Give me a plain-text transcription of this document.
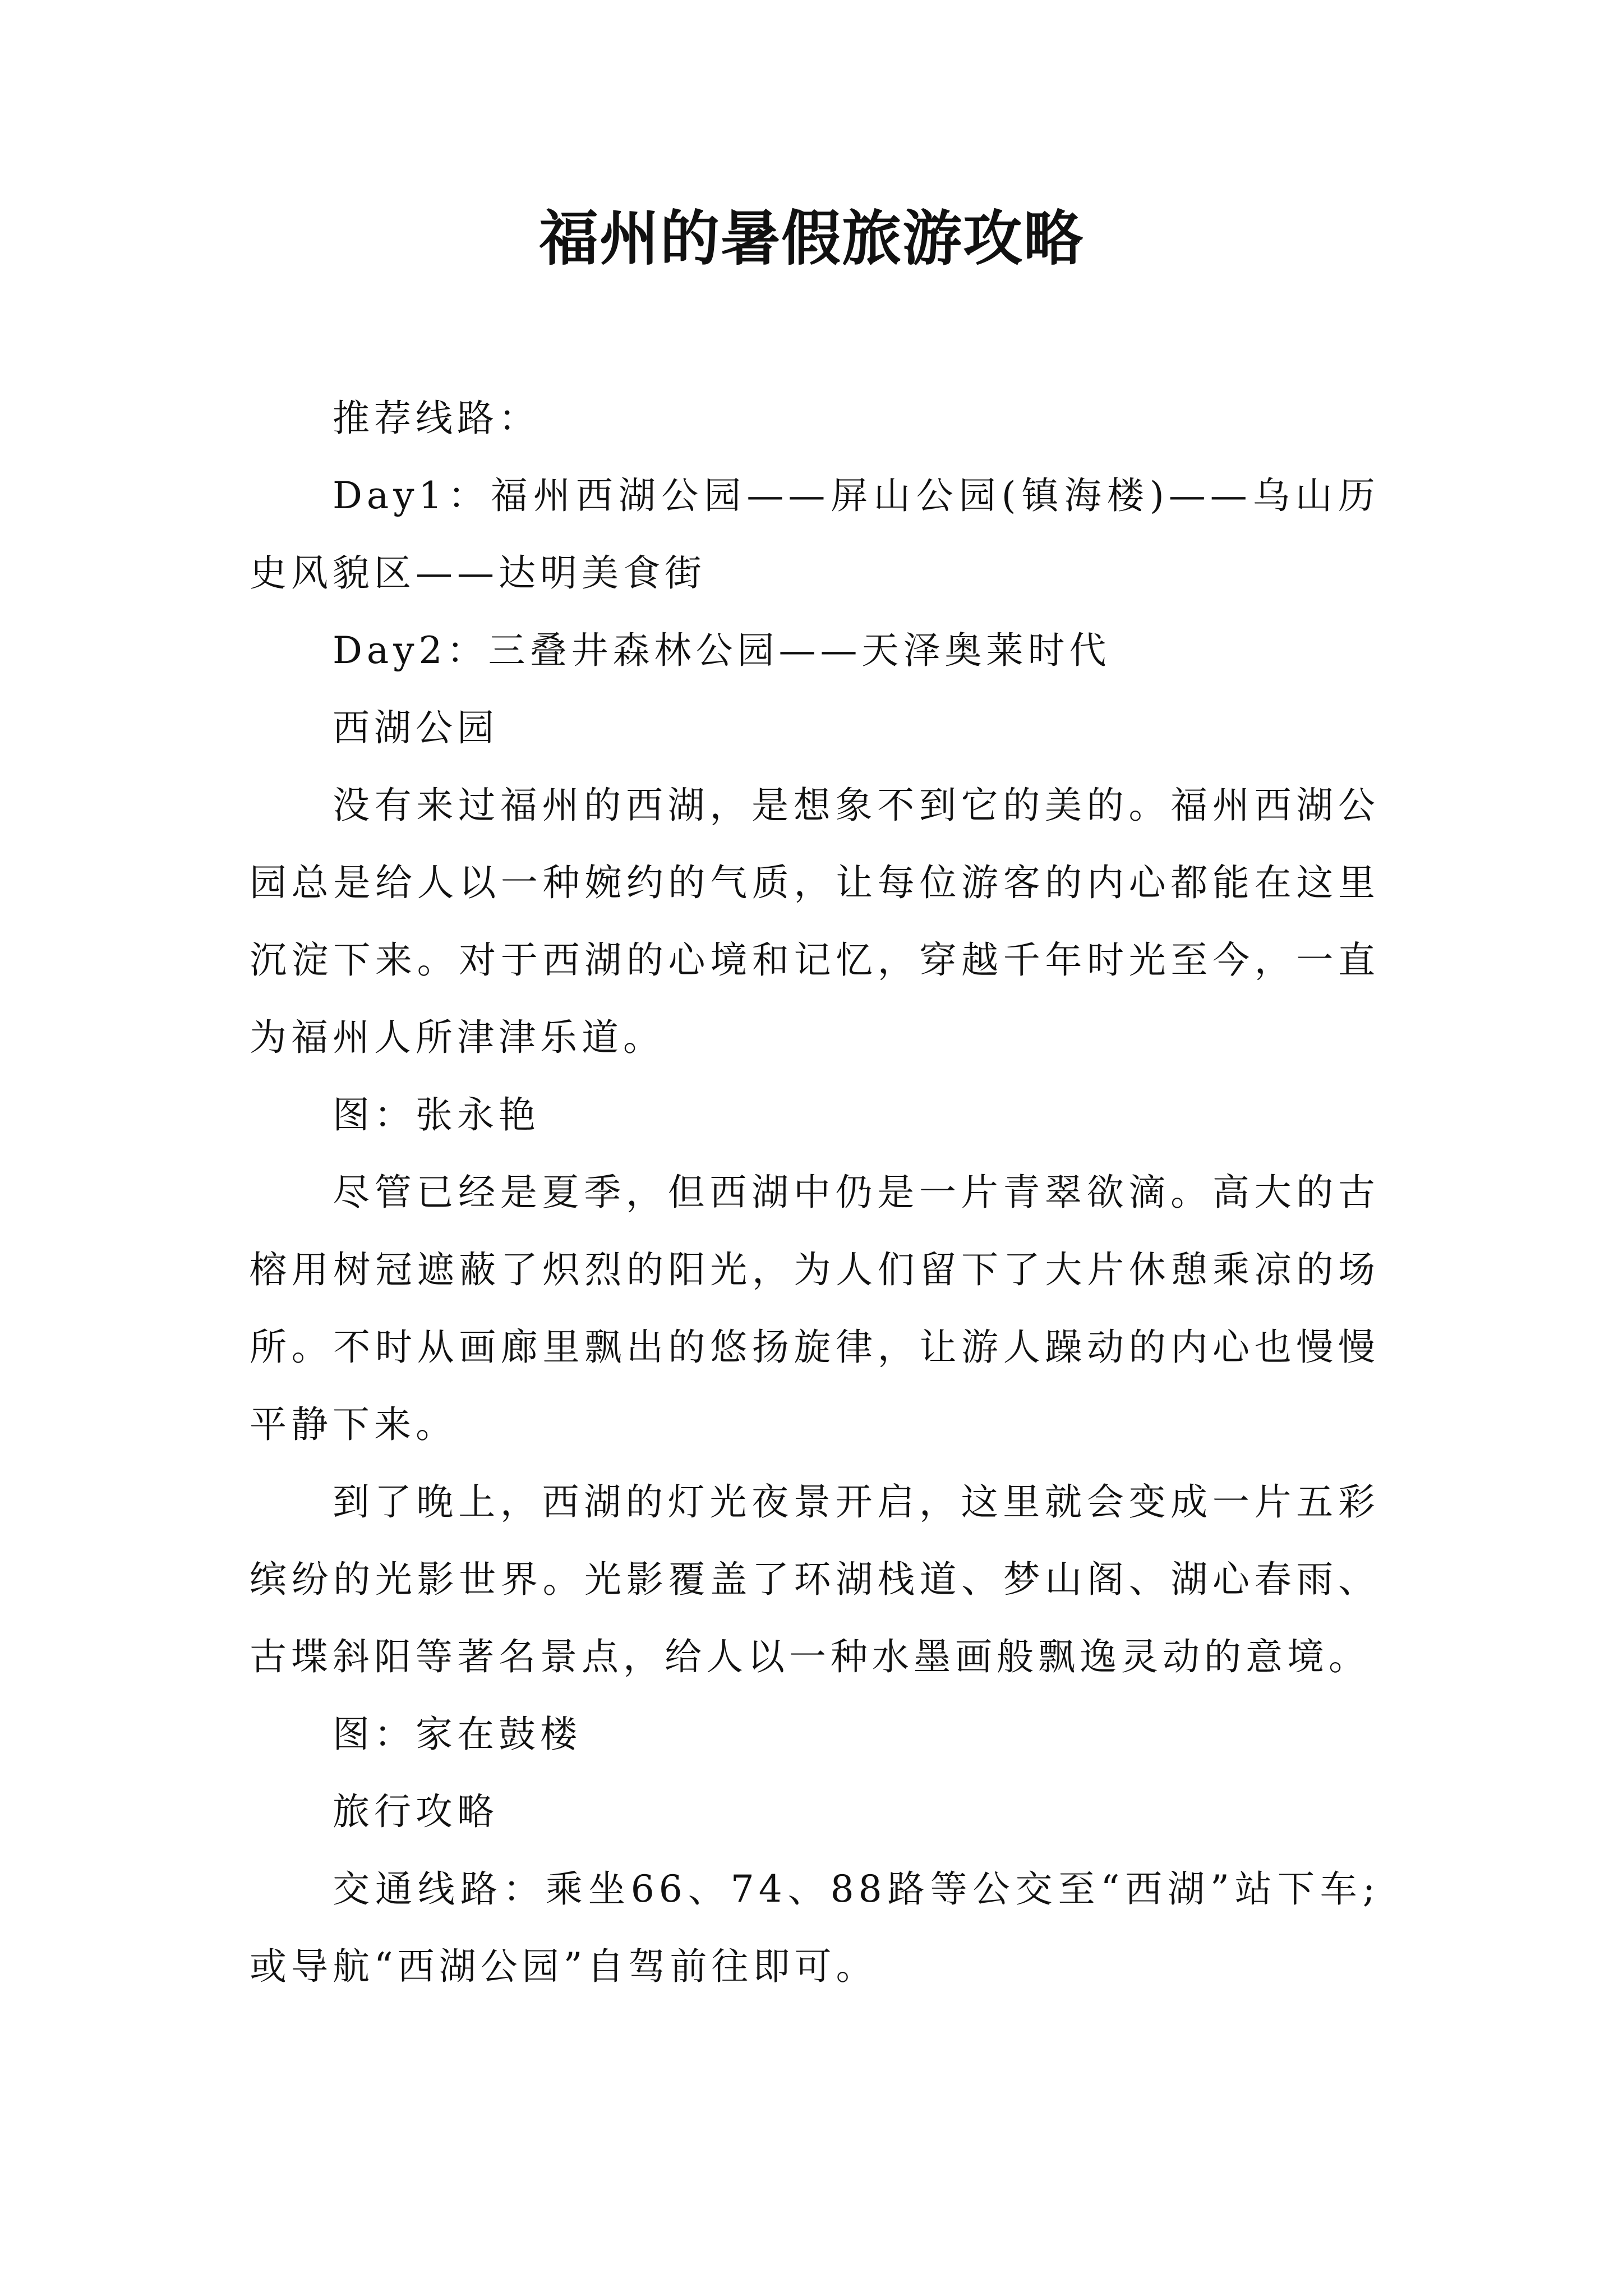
福州的暑假旅游攻略

推荐线路：

Day1：福州西湖公园——屏山公园(镇海楼)——乌山历史风貌区——达明美食街

Day2：三叠井森林公园——天泽奥莱时代

西湖公园

没有来过福州的西湖，是想象不到它的美的。福州西湖公园总是给人以一种婉约的气质，让每位游客的内心都能在这里沉淀下来。对于西湖的心境和记忆，穿越千年时光至今，一直为福州人所津津乐道。

图：张永艳

尽管已经是夏季，但西湖中仍是一片青翠欲滴。高大的古榕用树冠遮蔽了炽烈的阳光，为人们留下了大片休憩乘凉的场所。不时从画廊里飘出的悠扬旋律，让游人躁动的内心也慢慢平静下来。

到了晚上，西湖的灯光夜景开启，这里就会变成一片五彩缤纷的光影世界。光影覆盖了环湖栈道、梦山阁、湖心春雨、古堞斜阳等著名景点，给人以一种水墨画般飘逸灵动的意境。

图：家在鼓楼

旅行攻略

交通线路：乘坐66、74、88路等公交至“西湖”站下车;或导航“西湖公园”自驾前往即可。
